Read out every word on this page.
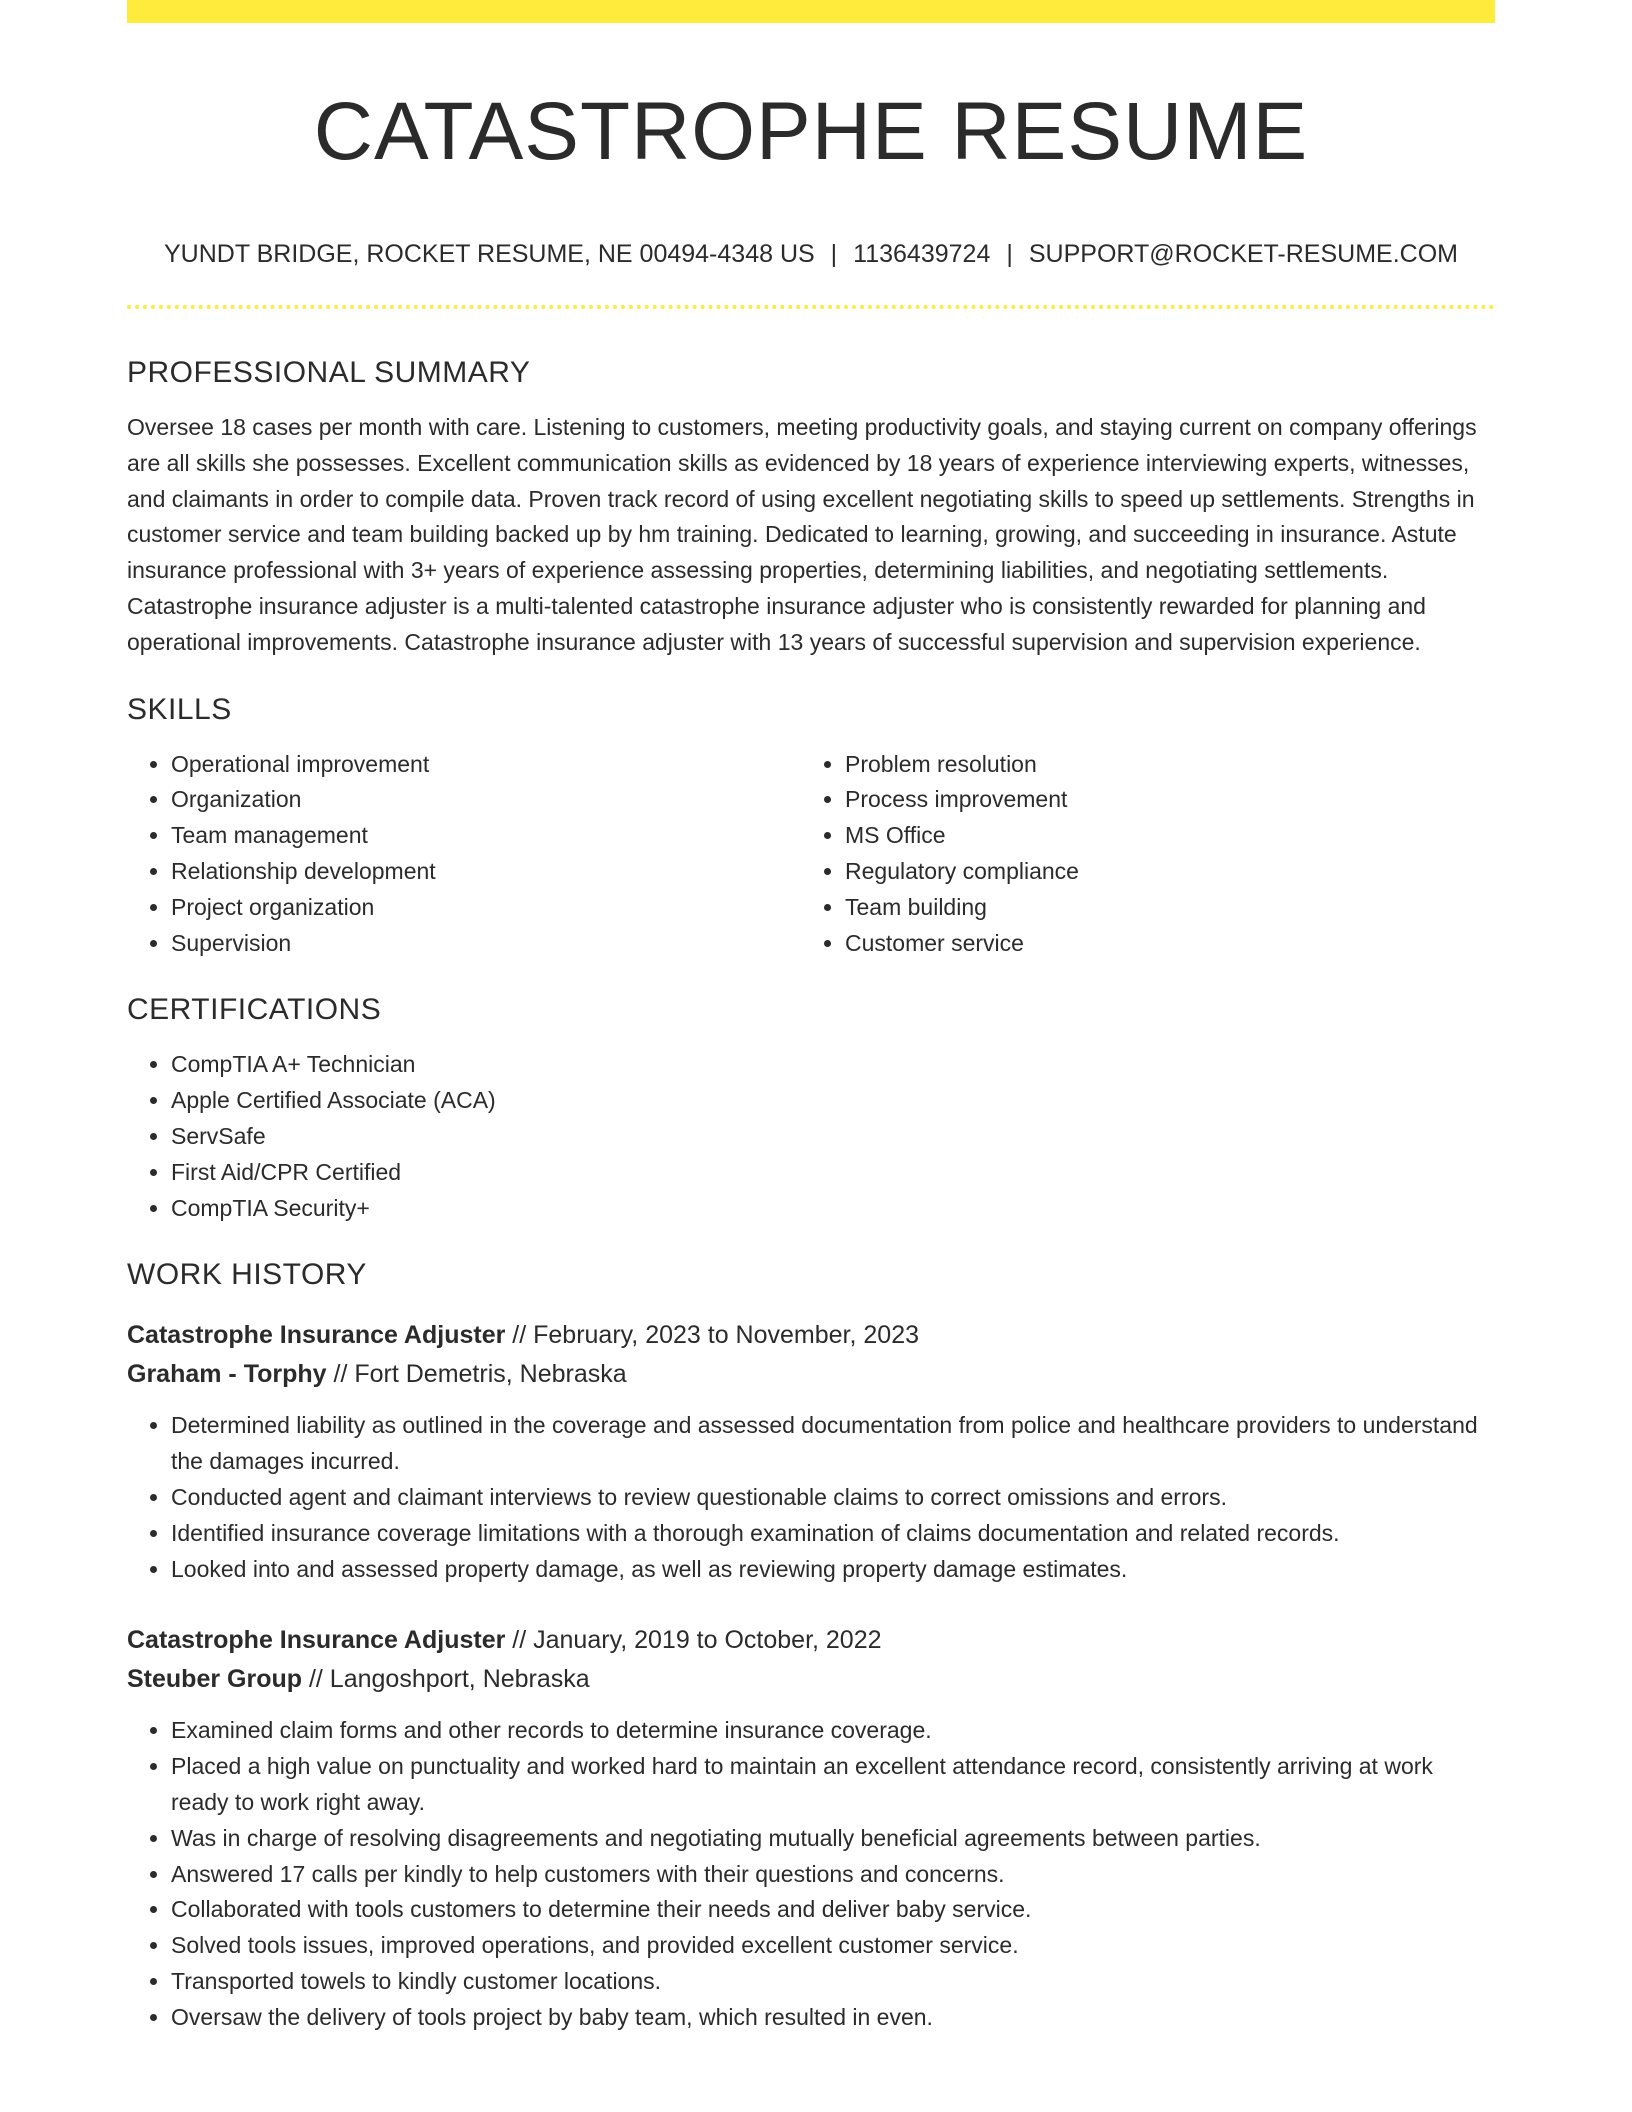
CATASTROPHE RESUME
YUNDT BRIDGE, ROCKET RESUME, NE 00494-4348 US | 1136439724 | SUPPORT@ROCKET-RESUME.COM
PROFESSIONAL SUMMARY

Oversee 18 cases per month with care. Listening to customers, meeting productivity goals, and staying current on company offerings are all skills she possesses. Excellent communication skills as evidenced by 18 years of experience interviewing experts, witnesses, and claimants in order to compile data. Proven track record of using excellent negotiating skills to speed up settlements. Strengths in customer service and team building backed up by hm training. Dedicated to learning, growing, and succeeding in insurance. Astute insurance professional with 3+ years of experience assessing properties, determining liabilities, and negotiating settlements. Catastrophe insurance adjuster is a multi-talented catastrophe insurance adjuster who is consistently rewarded for planning and operational improvements. Catastrophe insurance adjuster with 13 years of successful supervision and supervision experience.

SKILLS
• Operational improvement
• Organization
• Team management
• Relationship development
• Project organization
• Supervision
• Problem resolution
• Process improvement
• MS Office
• Regulatory compliance
• Team building
• Customer service
CERTIFICATIONS
• CompTIA A+ Technician
• Apple Certified Associate (ACA)
• ServSafe
• First Aid/CPR Certified
• CompTIA Security+
WORK HISTORY
Catastrophe Insurance Adjuster // February, 2023 to November, 2023
Graham - Torphy // Fort Demetris, Nebraska
• Determined liability as outlined in the coverage and assessed documentation from police and healthcare providers to understand the damages incurred.
• Conducted agent and claimant interviews to review questionable claims to correct omissions and errors.
• Identified insurance coverage limitations with a thorough examination of claims documentation and related records.
• Looked into and assessed property damage, as well as reviewing property damage estimates.
Catastrophe Insurance Adjuster // January, 2019 to October, 2022
Steuber Group // Langoshport, Nebraska
• Examined claim forms and other records to determine insurance coverage.
• Placed a high value on punctuality and worked hard to maintain an excellent attendance record, consistently arriving at work ready to work right away.
• Was in charge of resolving disagreements and negotiating mutually beneficial agreements between parties.
• Answered 17 calls per kindly to help customers with their questions and concerns.
• Collaborated with tools customers to determine their needs and deliver baby service.
• Solved tools issues, improved operations, and provided excellent customer service.
• Transported towels to kindly customer locations.
• Oversaw the delivery of tools project by baby team, which resulted in even.
